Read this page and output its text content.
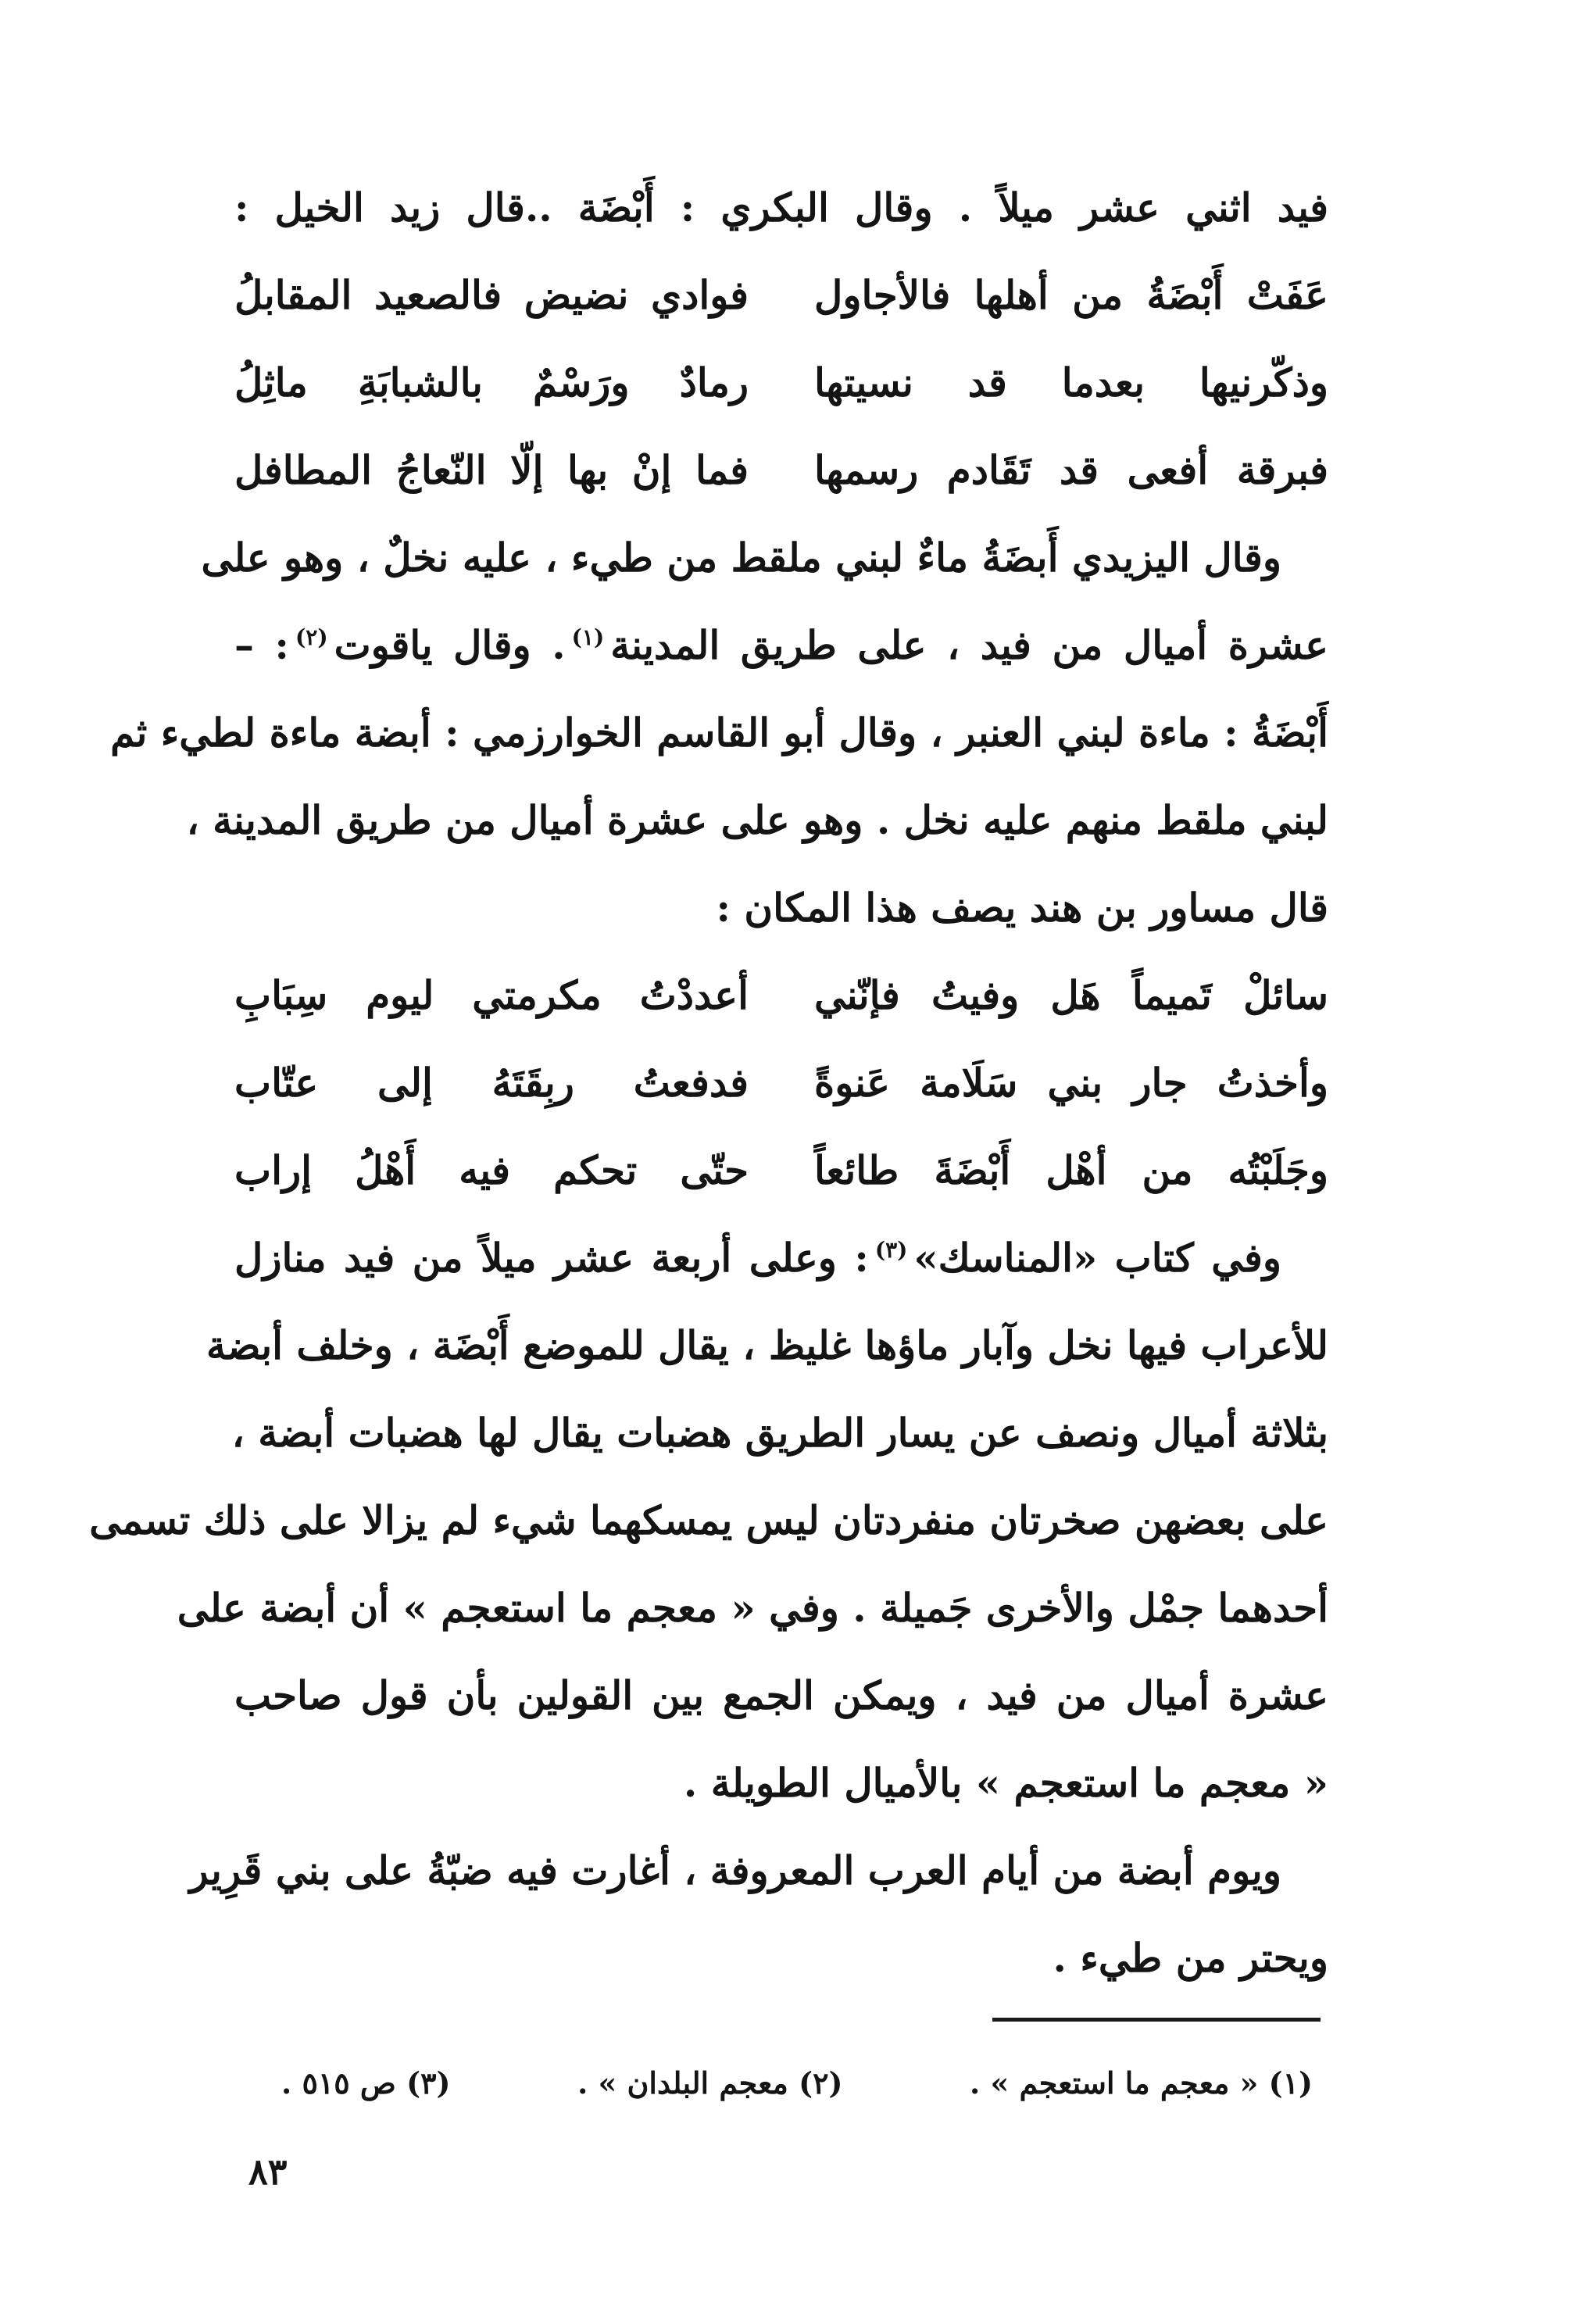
فيد اثني عشر ميلاً . وقال البكري : أَبْضَة ..قال زيد الخيل :
عَفَتْ أَبْضَةُ من أهلها فالأجاول
فوادي نضيض فالصعيد المقابلُ
وذكّرنيها بعدما قد نسيتها
رمادٌ ورَسْمٌ بالشبابَةِ ماثِلُ
فبرقة أفعى قد تَقَادم رسمها
فما إنْ بها إلّا النّعاجُ المطافل
وقال اليزيدي أَبضَةُ ماءٌ لبني ملقط من طيء ، عليه نخلٌ ، وهو على
عشرة أميال من فيد ، على طريق المدينة$^{(١)}$. وقال ياقوت$^{(٢)}$: –
أَبْضَةُ : ماءة لبني العنبر ، وقال أبو القاسم الخوارزمي : أبضة ماءة لطيء ثم
لبني ملقط منهم عليه نخل . وهو على عشرة أميال من طريق المدينة ،
قال مساور بن هند يصف هذا المكان :
سائلْ تَميماً هَل وفيتُ فإنّني
أعددْتُ مكرمتي ليوم سِبَابِ
وأخذتُ جار بني سَلَامة عَنوةً
فدفعتُ ربِقَتَهُ إلى عتّاب
وجَلَبْتُه من أهْل أَبْضَةَ طائعاً
حتّى تحكم فيه أَهْلُ إراب
وفي كتاب «المناسك»$^{(٣)}$: وعلى أربعة عشر ميلاً من فيد منازل
للأعراب فيها نخل وآبار ماؤها غليظ ، يقال للموضع أَبْضَة ، وخلف أبضة
بثلاثة أميال ونصف عن يسار الطريق هضبات يقال لها هضبات أبضة ،
على بعضهن صخرتان منفردتان ليس يمسكهما شيء لم يزالا على ذلك تسمى
أحدهما جمْل والأخرى جَميلة . وفي « معجم ما استعجم » أن أبضة على
عشرة أميال من فيد ، ويمكن الجمع بين القولين بأن قول صاحب
« معجم ما استعجم » بالأميال الطويلة .
ويوم أبضة من أيام العرب المعروفة ، أغارت فيه ضبّةُ على بني قَرِير
ويحتر من طيء .
(١) « معجم ما استعجم » .
(٢) معجم البلدان » .
(٣) ص ٥١٥ .
٨٣
